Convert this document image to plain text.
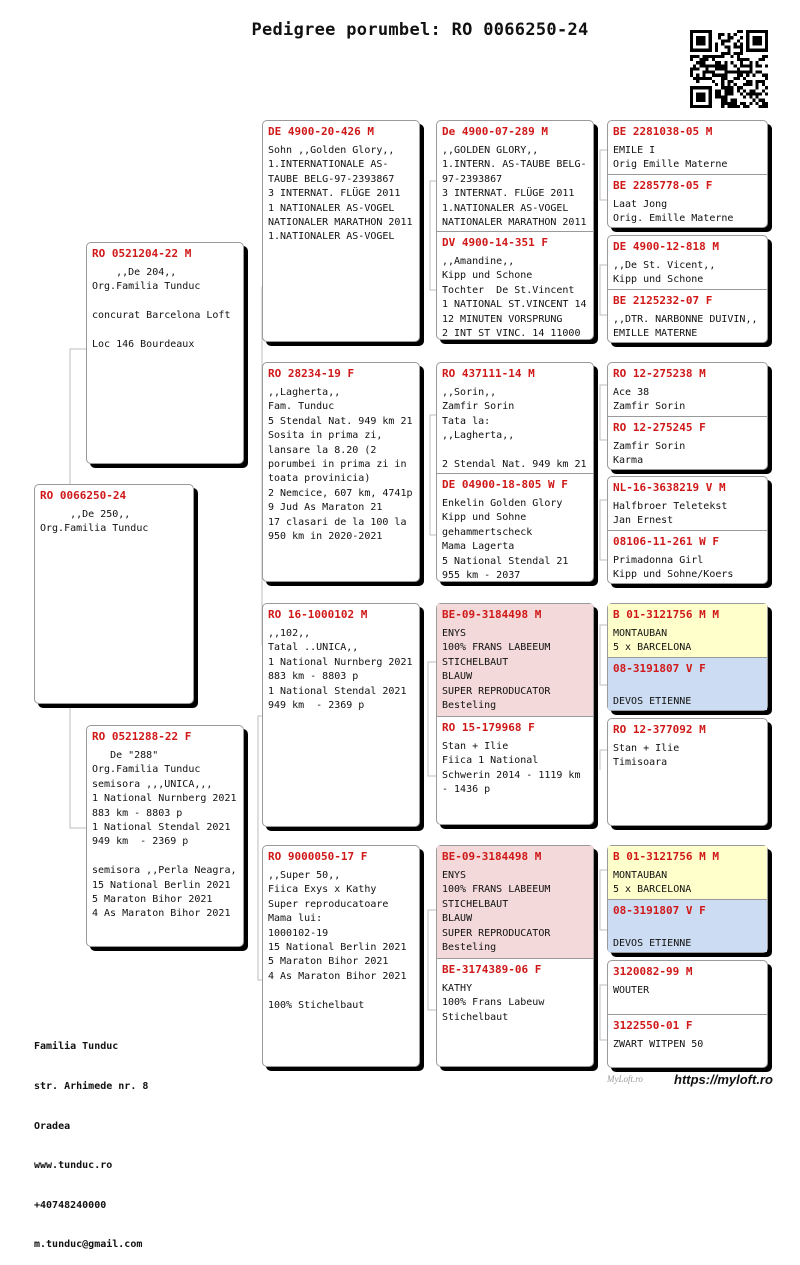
Pedigree porumbel: RO 0066250-24
RO 0066250-24
,,De 250,,
Org.Familia Tunduc
RO 0521204-22 M
,,De 204,,
Org.Familia Tunduc

concurat Barcelona Loft

Loc 146 Bourdeaux
RO 0521288-22 F
De "288"
Org.Familia Tunduc
semisora ,,,UNICA,,,
1 National Nurnberg 2021
883 km - 8803 p
1 National Stendal 2021
949 km  - 2369 p

semisora ,,Perla Neagra,
15 National Berlin 2021
5 Maraton Bihor 2021
4 As Maraton Bihor 2021
DE 4900-20-426 M
Sohn ,,Golden Glory,,
1.INTERNATIONALE AS-TAUBE BELG-97-2393867
3 INTERNAT. FLÜGE 2011
1 NATIONALER AS-VOGEL
NATIONALER MARATHON 2011
1.NATIONALER AS-VOGEL
RO 28234-19 F
,,Lagherta,,
Fam. Tunduc
5 Stendal Nat. 949 km 21
Sosita in prima zi, lansare la 8.20 (2 porumbei in prima zi in toata provinicia)
2 Nemcice, 607 km, 4741p
9 Jud As Maraton 21
17 clasari de la 100 la 950 km in 2020-2021
RO 16-1000102 M
,,102,,
Tatal ..UNICA,,
1 National Nurnberg 2021
883 km - 8803 p
1 National Stendal 2021
949 km  - 2369 p
RO 9000050-17 F
,,Super 50,,
Fiica Exys x Kathy
Super reproducatoare
Mama lui:
1000102-19
15 National Berlin 2021
5 Maraton Bihor 2021
4 As Maraton Bihor 2021

100% Stichelbaut
De 4900-07-289 M
,,GOLDEN GLORY,,
1.INTERN. AS-TAUBE BELG-97-2393867
3 INTERNAT. FLÜGE 2011
1.NATIONALER AS-VOGEL
NATIONALER MARATHON 2011
DV 4900-14-351 F
,,Amandine,,
Kipp und Schone
Tochter  De St.Vincent
1 NATIONAL ST.VINCENT 14
12 MINUTEN VORSPRUNG
2 INT ST VINC. 14 11000
RO 437111-14 M
,,Sorin,,
Zamfir Sorin
Tata la:
,,Lagherta,,

2 Stendal Nat. 949 km 21
DE 04900-18-805 W F
Enkelin Golden Glory
Kipp und Sohne
gehammertscheck
Mama Lagerta
5 National Stendal 21
955 km - 2037
BE-09-3184498 M
ENYS
100% FRANS LABEEUM
STICHELBAUT
BLAUW
SUPER REPRODUCATOR
Besteling
RO 15-179968 F
Stan + Ilie
Fiica 1 National
Schwerin 2014 - 1119 km
- 1436 p
BE-09-3184498 M
ENYS
100% FRANS LABEEUM
STICHELBAUT
BLAUW
SUPER REPRODUCATOR
Besteling
BE-3174389-06 F
KATHY
100% Frans Labeuw
Stichelbaut
BE 2281038-05 M
EMILE I
Orig Emille Materne
BE 2285778-05 F
Laat Jong
Orig. Emille Materne
DE 4900-12-818 M
,,De St. Vicent,,
Kipp und Schone
BE 2125232-07 F
,,DTR. NARBONNE DUIVIN,,
EMILLE MATERNE
RO 12-275238 M
Ace 38
Zamfir Sorin
RO 12-275245 F
Zamfir Sorin
Karma
NL-16-3638219 V M
Halfbroer Teletekst
Jan Ernest
08106-11-261 W F
Primadonna Girl
Kipp und Sohne/Koers
B 01-3121756 M M
MONTAUBAN
5 x BARCELONA
08-3191807 V F

DEVOS ETIENNE
RO 12-377092 M
Stan + Ilie
Timisoara
B 01-3121756 M M
MONTAUBAN
5 x BARCELONA
08-3191807 V F

DEVOS ETIENNE
3120082-99 M
WOUTER
3122550-01 F
ZWART WITPEN 50

Familia Tunduc

str. Arhimede nr. 8

Oradea

www.tunduc.ro

+40748240000

m.tunduc@gmail.com

MyLoft.ro https://myloft.ro
